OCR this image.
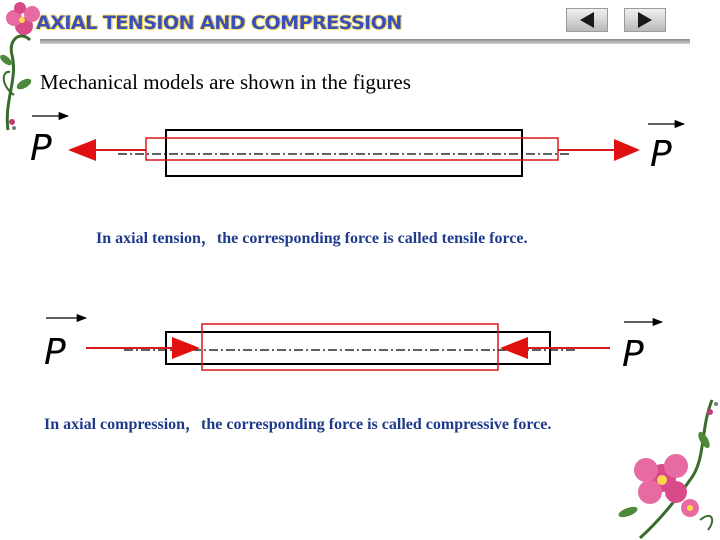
AXIAL TENSION AND COMPRESSION
Mechanical models are shown in the figures
P	P
P	P
In axial tension，the corresponding force is called tensile force.
In axial compression，the corresponding force is called compressive force.
